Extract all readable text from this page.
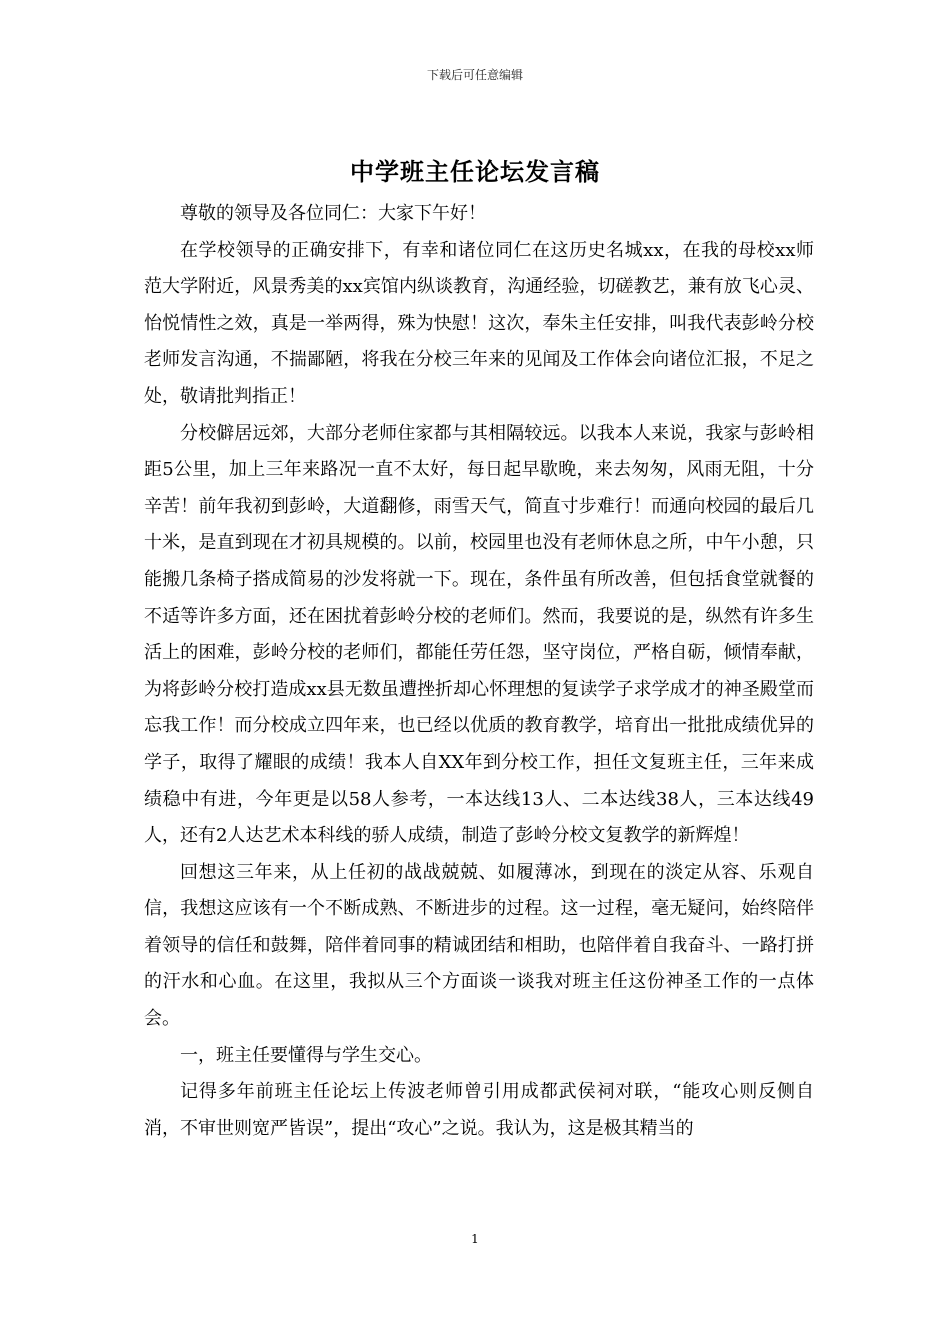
下载后可任意编辑
中学班主任论坛发言稿

尊敬的领导及各位同仁：大家下午好！

在学校领导的正确安排下，有幸和诸位同仁在这历史名城xx，在我的母校xx师范大学附近，风景秀美的xx宾馆内纵谈教育，沟通经验，切磋教艺，兼有放飞心灵、怡悦情性之效，真是一举两得，殊为快慰！这次，奉朱主任安排，叫我代表彭岭分校老师发言沟通，不揣鄙陋，将我在分校三年来的见闻及工作体会向诸位汇报，不足之处，敬请批判指正！

分校僻居远郊，大部分老师住家都与其相隔较远。以我本人来说，我家与彭岭相距5公里，加上三年来路况一直不太好，每日起早歇晚，来去匆匆，风雨无阻，十分辛苦！前年我初到彭岭，大道翻修，雨雪天气，简直寸步难行！而通向校园的最后几十米，是直到现在才初具规模的。以前，校园里也没有老师休息之所，中午小憩，只能搬几条椅子搭成简易的沙发将就一下。现在，条件虽有所改善，但包括食堂就餐的不适等许多方面，还在困扰着彭岭分校的老师们。然而，我要说的是，纵然有许多生活上的困难，彭岭分校的老师们，都能任劳任怨，坚守岗位，严格自砺，倾情奉献，为将彭岭分校打造成xx县无数虽遭挫折却心怀理想的复读学子求学成才的神圣殿堂而忘我工作！而分校成立四年来，也已经以优质的教育教学，培育出一批批成绩优异的学子，取得了耀眼的成绩！我本人自XX年到分校工作，担任文复班主任，三年来成绩稳中有进，今年更是以58人参考，一本达线13人、二本达线38人，三本达线49人，还有2人达艺术本科线的骄人成绩，制造了彭岭分校文复教学的新辉煌！

回想这三年来，从上任初的战战兢兢、如履薄冰，到现在的淡定从容、乐观自信，我想这应该有一个不断成熟、不断进步的过程。这一过程，毫无疑问，始终陪伴着领导的信任和鼓舞，陪伴着同事的精诚团结和相助，也陪伴着自我奋斗、一路打拼的汗水和心血。在这里，我拟从三个方面谈一谈我对班主任这份神圣工作的一点体会。

一，班主任要懂得与学生交心。

记得多年前班主任论坛上传波老师曾引用成都武侯祠对联，“能攻心则反侧自消，不审世则宽严皆误”，提出“攻心”之说。我认为，这是极其精当的

1
